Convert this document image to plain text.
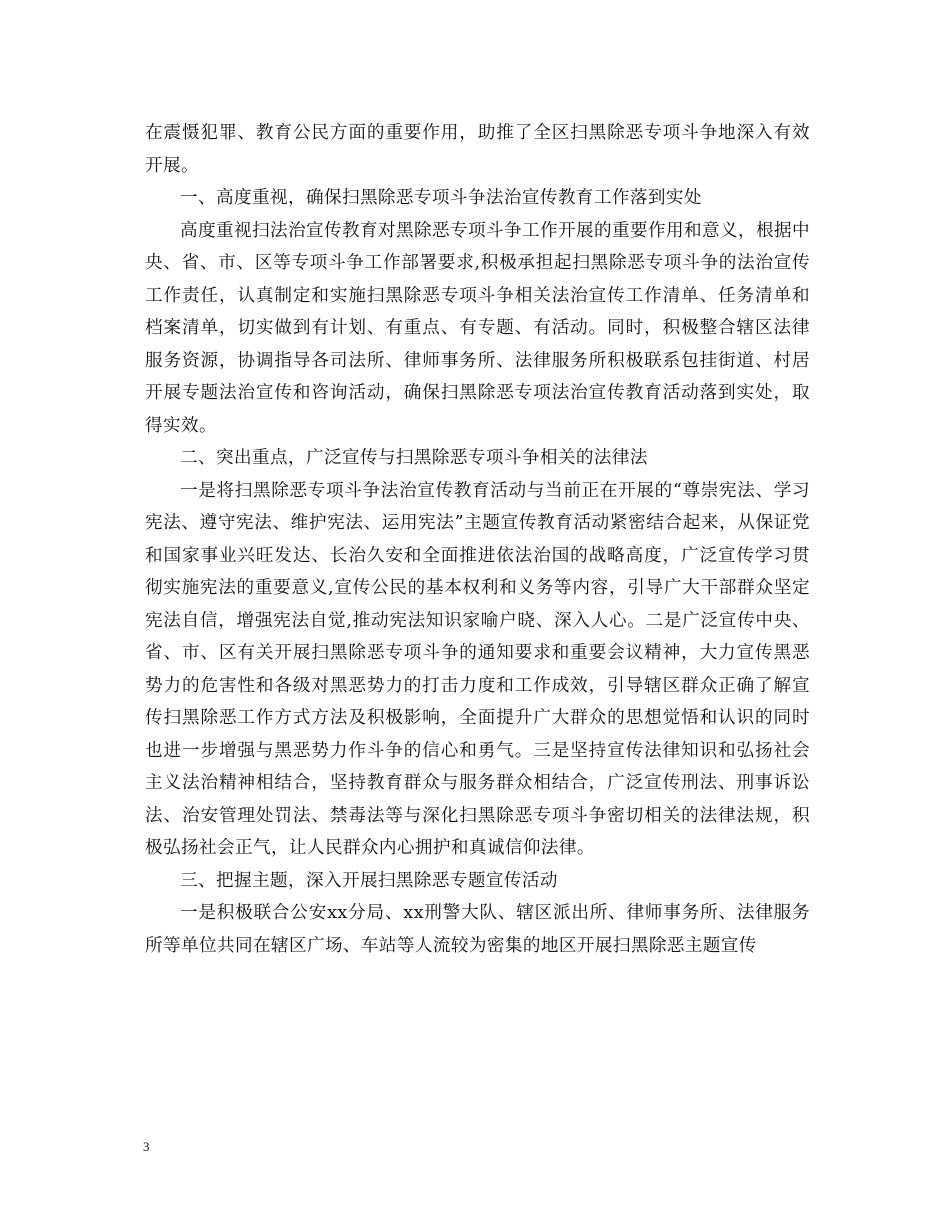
在震慑犯罪、教育公民方面的重要作用，助推了全区扫黑除恶专项斗争地深入有效开展。

一、高度重视，确保扫黑除恶专项斗争法治宣传教育工作落到实处

高度重视扫法治宣传教育对黑除恶专项斗争工作开展的重要作用和意义，根据中央、省、市、区等专项斗争工作部署要求,积极承担起扫黑除恶专项斗争的法治宣传工作责任，认真制定和实施扫黑除恶专项斗争相关法治宣传工作清单、任务清单和档案清单，切实做到有计划、有重点、有专题、有活动。同时，积极整合辖区法律服务资源，协调指导各司法所、律师事务所、法律服务所积极联系包挂街道、村居开展专题法治宣传和咨询活动，确保扫黑除恶专项法治宣传教育活动落到实处，取得实效。

二、突出重点，广泛宣传与扫黑除恶专项斗争相关的法律法

一是将扫黑除恶专项斗争法治宣传教育活动与当前正在开展的“尊崇宪法、学习宪法、遵守宪法、维护宪法、运用宪法”主题宣传教育活动紧密结合起来，从保证党和国家事业兴旺发达、长治久安和全面推进依法治国的战略高度，广泛宣传学习贯彻实施宪法的重要意义,宣传公民的基本权利和义务等内容，引导广大干部群众坚定宪法自信，增强宪法自觉,推动宪法知识家喻户晓、深入人心。二是广泛宣传中央、省、市、区有关开展扫黑除恶专项斗争的通知要求和重要会议精神，大力宣传黑恶势力的危害性和各级对黑恶势力的打击力度和工作成效，引导辖区群众正确了解宣传扫黑除恶工作方式方法及积极影响，全面提升广大群众的思想觉悟和认识的同时也进一步增强与黑恶势力作斗争的信心和勇气。三是坚持宣传法律知识和弘扬社会主义法治精神相结合，坚持教育群众与服务群众相结合，广泛宣传刑法、刑事诉讼法、治安管理处罚法、禁毒法等与深化扫黑除恶专项斗争密切相关的法律法规，积极弘扬社会正气，让人民群众内心拥护和真诚信仰法律。

三、把握主题，深入开展扫黑除恶专题宣传活动

一是积极联合公安xx分局、xx刑警大队、辖区派出所、律师事务所、法律服务所等单位共同在辖区广场、车站等人流较为密集的地区开展扫黑除恶主题宣传

3
